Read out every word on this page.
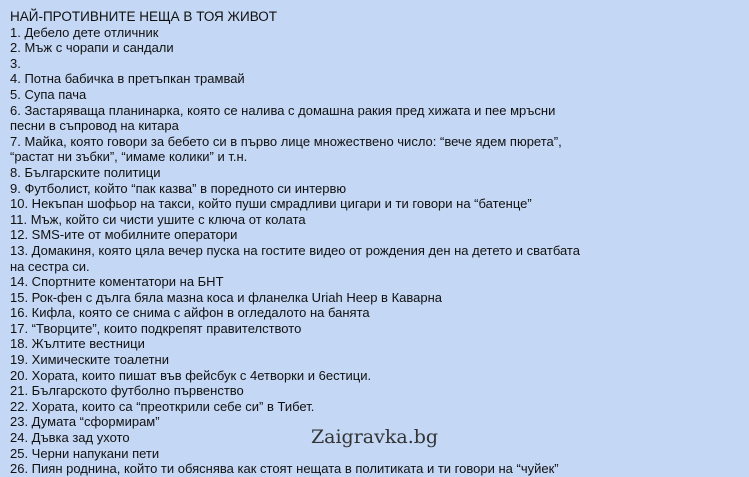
НАЙ-ПРОТИВНИТЕ НЕЩА В ТОЯ ЖИВОТ
1. Дебело дете отличник
2. Мъж с чорапи и сандали
3.
4. Потна бабичка в претъпкан трамвай
5. Супа пача
6. Застаряваща планинарка, която се налива с домашна ракия пред хижата и пее мръсни песни в съпровод на китара
7. Майка, която говори за бебето си в първо лице множествено число: “вече ядем пюрета”, “растат ни зъбки”, “имаме колики” и т.н.
8. Българските политици
9. Футболист, който “пак казва” в поредното си интервю
10. Некъпан шофьор на такси, който пуши смрадливи цигари и ти говори на “батенце”
11. Мъж, който си чисти ушите с ключа от колата
12. SMS-ите от мобилните оператори
13. Домакиня, която цяла вечер пуска на гостите видео от рождения ден на детето и сватбата на сестра си.
14. Спортните коментатори на БНТ
15. Рок-фен с дълга бяла мазна коса и фланелка Uriah Heep в Каварна
16. Кифла, която се снима с айфон в огледалото на банята
17. “Творците”, които подкрепят правителството
18. Жълтите вестници
19. Химическите тоалетни
20. Хората, които пишат във фейсбук с 4етворки и 6естици.
21. Българското футболно първенство
22. Хората, които са “преоткрили себе си” в Тибет.
23. Думата “сформирам”
24. Дъвка зад ухото
25. Черни напукани пети
26. Пиян роднина, който ти обяснява как стоят нещата в политиката и ти говори на “чуйек”
Zaigravka.bg
